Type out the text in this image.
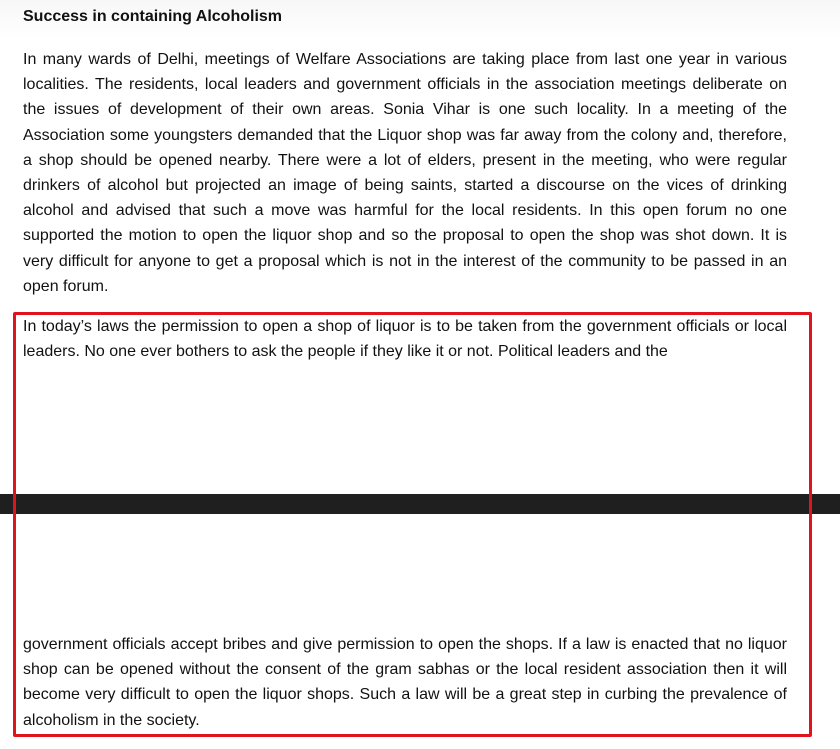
Success in containing Alcoholism

In many wards of Delhi, meetings of Welfare Associations are taking place from last one year in various localities. The residents, local leaders and government officials in the association meetings deliberate on the issues of development of their own areas. Sonia Vihar is one such locality. In a meeting of the Association some youngsters demanded that the Liquor shop was far away from the colony and, therefore, a shop should be opened nearby. There were a lot of elders, present in the meeting, who were regular drinkers of alcohol but projected an image of being saints, started a discourse on the vices of drinking alcohol and advised that such a move was harmful for the local residents. In this open forum no one supported the motion to open the liquor shop and so the proposal to open the shop was shot down. It is very difficult for anyone to get a proposal which is not in the interest of the community to be passed in an open forum.

In today’s laws the permission to open a shop of liquor is to be taken from the government officials or local leaders. No one ever bothers to ask the people if they like it or not. Political leaders and the

government officials accept bribes and give permission to open the shops. If a law is enacted that no liquor shop can be opened without the consent of the gram sabhas or the local resident association then it will become very difficult to open the liquor shops. Such a law will be a great step in curbing the prevalence of alcoholism in the society.
